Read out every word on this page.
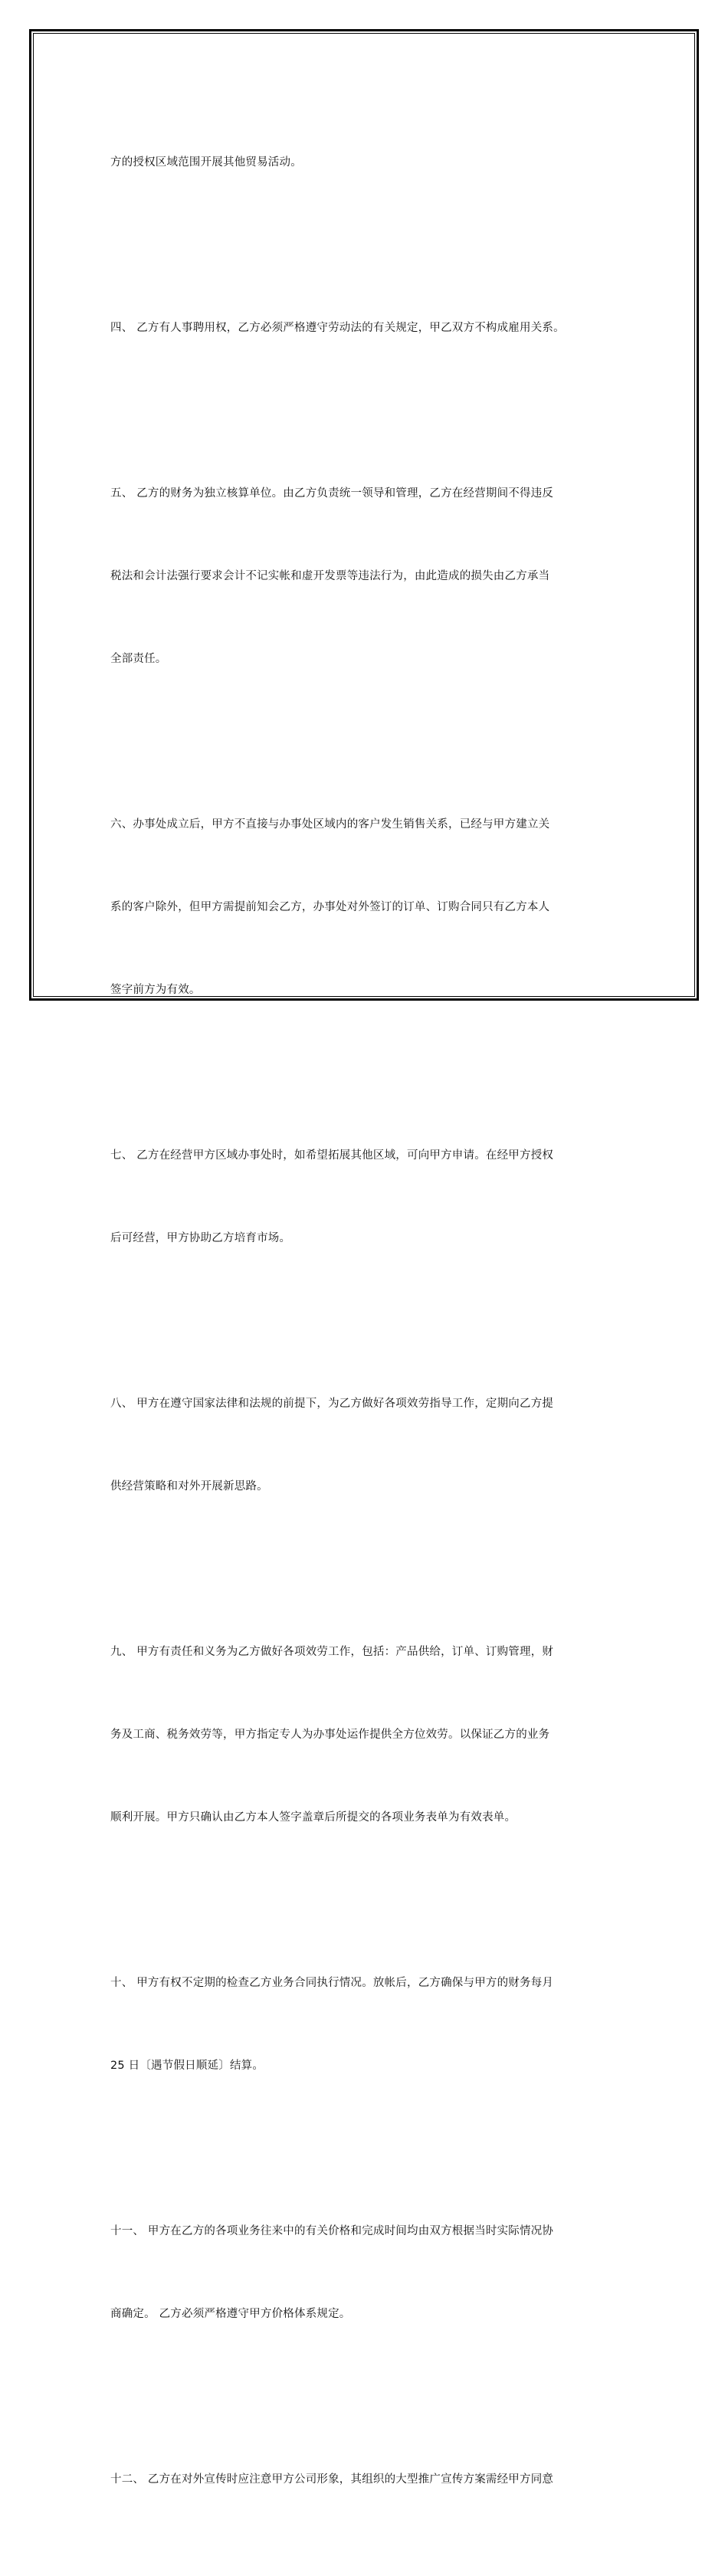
方的授权区域范围开展其他贸易活动。

四、 乙方有人事聘用权，乙方必须严格遵守劳动法的有关规定，甲乙双方不构成雇用关系。

五、 乙方的财务为独立核算单位。由乙方负责统一领导和管理，乙方在经营期间不得违反

税法和会计法强行要求会计不记实帐和虚开发票等违法行为，由此造成的损失由乙方承当

全部责任。

六、办事处成立后，甲方不直接与办事处区域内的客户发生销售关系，已经与甲方建立关

系的客户除外，但甲方需提前知会乙方，办事处对外签订的订单、订购合同只有乙方本人

签字前方为有效。

七、 乙方在经营甲方区域办事处时，如希望拓展其他区域，可向甲方申请。在经甲方授权

后可经营，甲方协助乙方培育市场。

八、 甲方在遵守国家法律和法规的前提下，为乙方做好各项效劳指导工作，定期向乙方提

供经营策略和对外开展新思路。

九、 甲方有责任和义务为乙方做好各项效劳工作，包括：产品供给，订单、订购管理，财

务及工商、税务效劳等，甲方指定专人为办事处运作提供全方位效劳。以保证乙方的业务

顺利开展。甲方只确认由乙方本人签字盖章后所提交的各项业务表单为有效表单。

十、 甲方有权不定期的检查乙方业务合同执行情况。放帐后，乙方确保与甲方的财务每月

25 日〔遇节假日顺延〕结算。

十一、 甲方在乙方的各项业务往来中的有关价格和完成时间均由双方根据当时实际情况协

商确定。 乙方必须严格遵守甲方价格体系规定。

十二、 乙方在对外宣传时应注意甲方公司形象，其组织的大型推广宣传方案需经甲方同意
